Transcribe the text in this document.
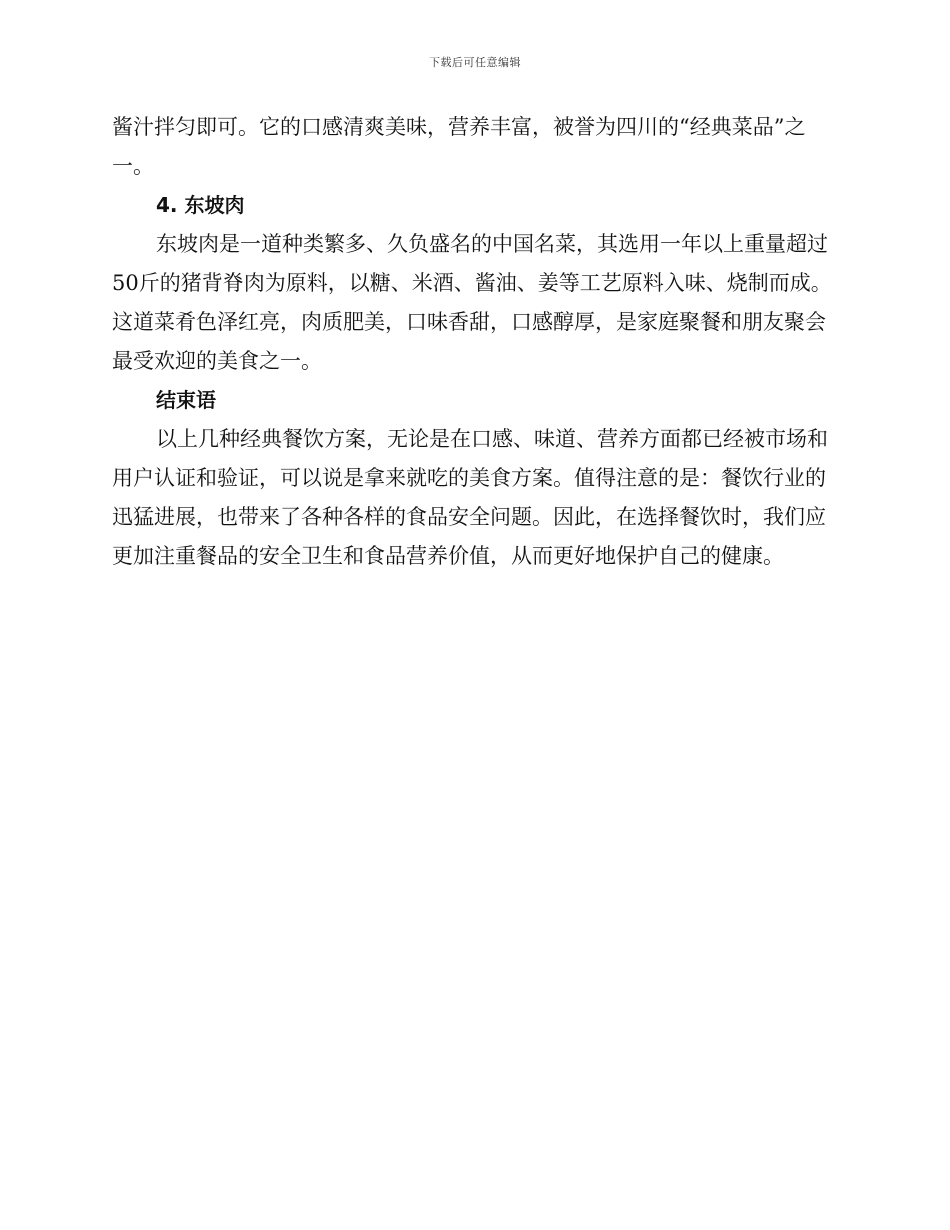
下载后可任意编辑

酱汁拌匀即可。它的口感清爽美味，营养丰富，被誉为四川的“经典菜品”之一。

4. 东坡肉

东坡肉是一道种类繁多、久负盛名的中国名菜，其选用一年以上重量超过50斤的猪背脊肉为原料，以糖、米酒、酱油、姜等工艺原料入味、烧制而成。这道菜肴色泽红亮，肉质肥美，口味香甜，口感醇厚，是家庭聚餐和朋友聚会最受欢迎的美食之一。

结束语

以上几种经典餐饮方案，无论是在口感、味道、营养方面都已经被市场和用户认证和验证，可以说是拿来就吃的美食方案。值得注意的是：餐饮行业的迅猛进展，也带来了各种各样的食品安全问题。因此，在选择餐饮时，我们应更加注重餐品的安全卫生和食品营养价值，从而更好地保护自己的健康。
